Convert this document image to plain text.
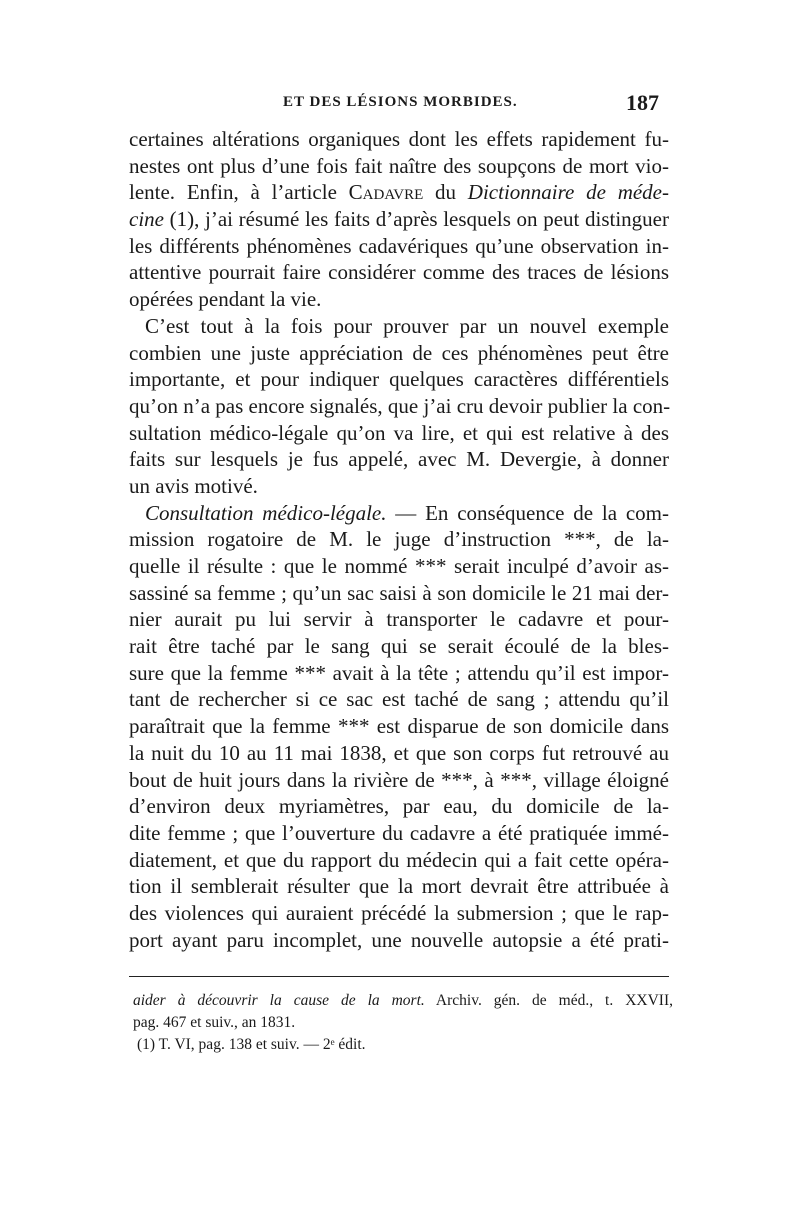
ET DES LÉSIONS MORBIDES.	187
certaines altérations organiques dont les effets rapidement fu-
nestes ont plus d’une fois fait naître des soupçons de mort vio-
lente. Enfin, à l’article Cadavre du Dictionnaire de méde-
cine (1), j’ai résumé les faits d’après lesquels on peut distinguer
les différents phénomènes cadavériques qu’une observation in-
attentive pourrait faire considérer comme des traces de lésions
opérées pendant la vie.
C’est tout à la fois pour prouver par un nouvel exemple
combien une juste appréciation de ces phénomènes peut être
importante, et pour indiquer quelques caractères différentiels
qu’on n’a pas encore signalés, que j’ai cru devoir publier la con-
sultation médico-légale qu’on va lire, et qui est relative à des
faits sur lesquels je fus appelé, avec M. Devergie, à donner
un avis motivé.
Consultation médico-légale. — En conséquence de la com-
mission rogatoire de M. le juge d’instruction ***, de la-
quelle il résulte : que le nommé *** serait inculpé d’avoir as-
sassiné sa femme ; qu’un sac saisi à son domicile le 21 mai der-
nier aurait pu lui servir à transporter le cadavre et pour-
rait être taché par le sang qui se serait écoulé de la bles-
sure que la femme *** avait à la tête ; attendu qu’il est impor-
tant de rechercher si ce sac est taché de sang ; attendu qu’il
paraîtrait que la femme *** est disparue de son domicile dans
la nuit du 10 au 11 mai 1838, et que son corps fut retrouvé au
bout de huit jours dans la rivière de ***, à ***, village éloigné
d’environ deux myriamètres, par eau, du domicile de la-
dite femme ; que l’ouverture du cadavre a été pratiquée immé-
diatement, et que du rapport du médecin qui a fait cette opéra-
tion il semblerait résulter que la mort devrait être attribuée à
des violences qui auraient précédé la submersion ; que le rap-
port ayant paru incomplet, une nouvelle autopsie a été prati-
aider à découvrir la cause de la mort. Archiv. gén. de méd., t. XXVII,
pag. 467 et suiv., an 1831.
(1) T. VI, pag. 138 et suiv. — 2ᵉ édit.
